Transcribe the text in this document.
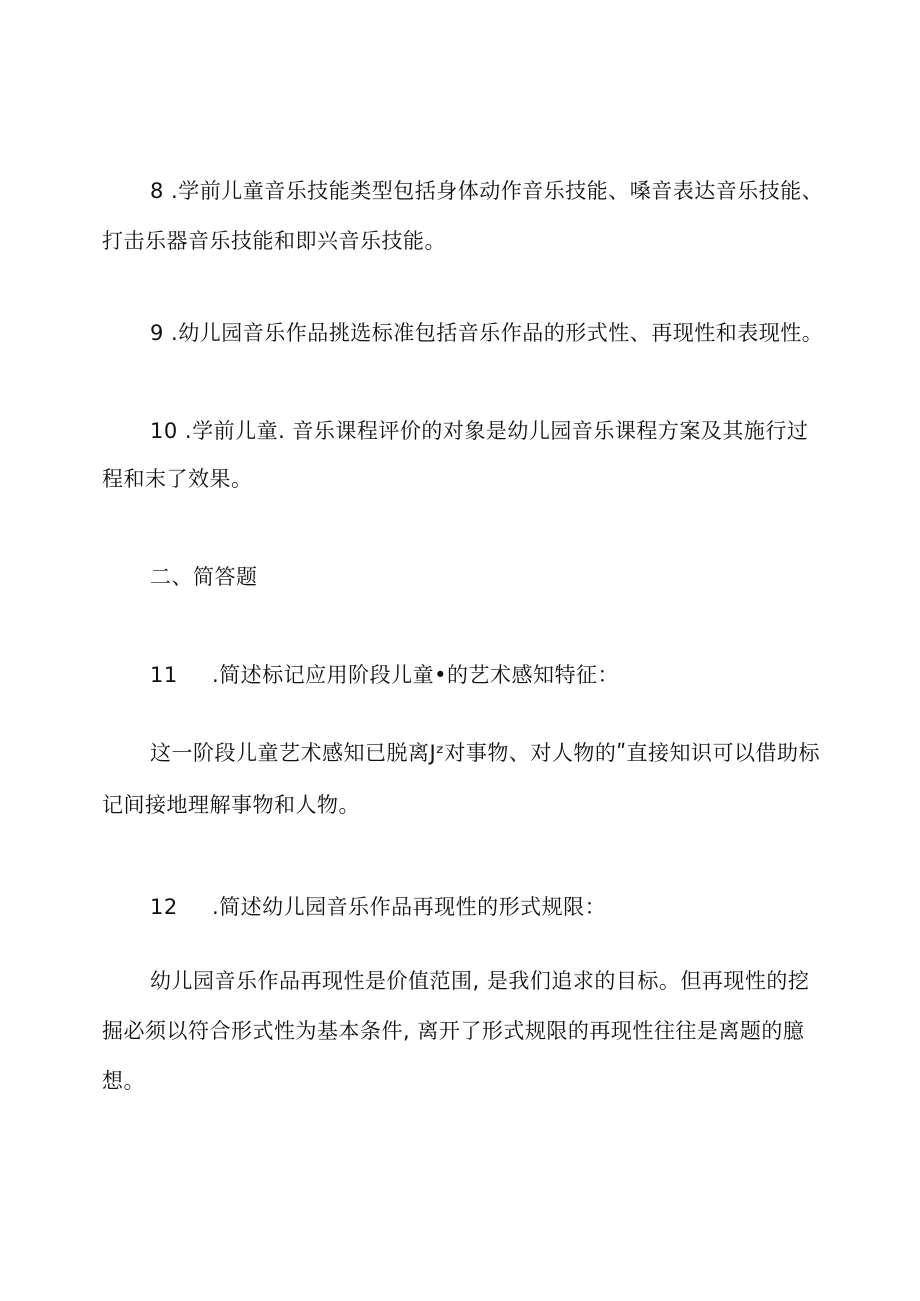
8 .学前儿童音乐技能类型包括身体动作音乐技能、嗓音表达音乐技能、
打击乐器音乐技能和即兴音乐技能。
9 .幼儿园音乐作品挑选标准包括音乐作品的形式性、再现性和表现性。
10 .学前儿童. 音乐课程评价的对象是幼儿园音乐课程方案及其施行过
程和末了效果。
二、简答题
11 .简述标记应用阶段儿童•的艺术感知特征：
这一阶段儿童艺术感知已脱离Jᶻ对事物、对人物的ʺ直接知识可以借助标
记间接地理解事物和人物。
12 .简述幼儿园音乐作品再现性的形式规限：
幼儿园音乐作品再现性是价值范围, 是我们追求的目标。但再现性的挖
掘必须以符合形式性为基本条件, 离开了形式规限的再现性往往是离题的臆
想。
